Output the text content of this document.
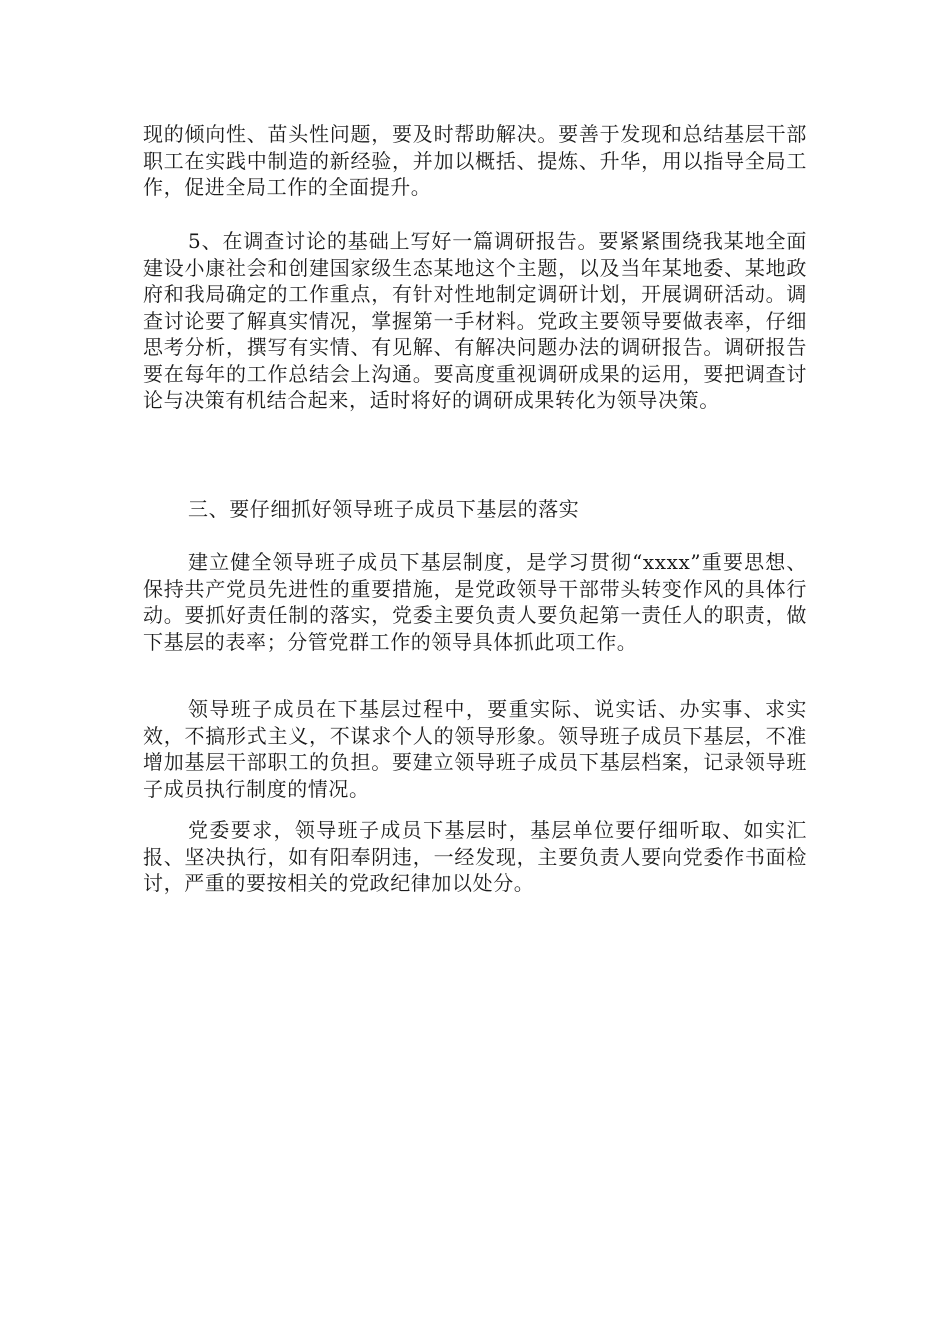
现的倾向性、苗头性问题，要及时帮助解决。要善于发现和总结基层干部职工在实践中制造的新经验，并加以概括、提炼、升华，用以指导全局工作，促进全局工作的全面提升。

5、在调查讨论的基础上写好一篇调研报告。要紧紧围绕我某地全面建设小康社会和创建国家级生态某地这个主题，以及当年某地委、某地政府和我局确定的工作重点，有针对性地制定调研计划，开展调研活动。调查讨论要了解真实情况，掌握第一手材料。党政主要领导要做表率，仔细思考分析，撰写有实情、有见解、有解决问题办法的调研报告。调研报告要在每年的工作总结会上沟通。要高度重视调研成果的运用，要把调查讨论与决策有机结合起来，适时将好的调研成果转化为领导决策。

三、要仔细抓好领导班子成员下基层的落实

建立健全领导班子成员下基层制度，是学习贯彻“xxxx”重要思想、保持共产党员先进性的重要措施，是党政领导干部带头转变作风的具体行动。要抓好责任制的落实，党委主要负责人要负起第一责任人的职责，做下基层的表率；分管党群工作的领导具体抓此项工作。

领导班子成员在下基层过程中，要重实际、说实话、办实事、求实效，不搞形式主义，不谋求个人的领导形象。领导班子成员下基层，不准增加基层干部职工的负担。要建立领导班子成员下基层档案，记录领导班子成员执行制度的情况。

党委要求，领导班子成员下基层时，基层单位要仔细听取、如实汇报、坚决执行，如有阳奉阴违，一经发现，主要负责人要向党委作书面检讨，严重的要按相关的党政纪律加以处分。
